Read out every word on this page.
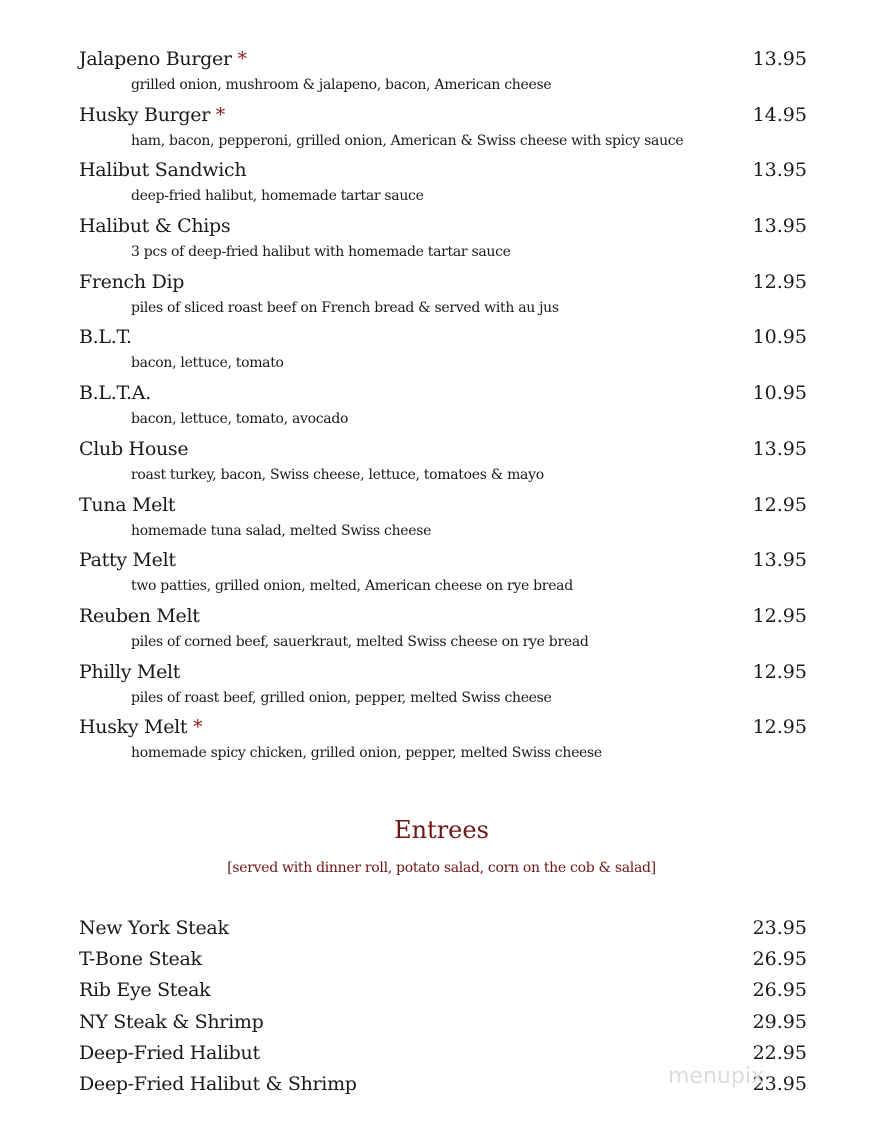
Jalapeno Burger *	13.95
grilled onion, mushroom & jalapeno, bacon, American cheese
Husky Burger *	14.95
ham, bacon, pepperoni, grilled onion, American & Swiss cheese with spicy sauce
Halibut Sandwich	13.95
deep-fried halibut, homemade tartar sauce
Halibut & Chips	13.95
3 pcs of deep-fried halibut with homemade tartar sauce
French Dip	12.95
piles of sliced roast beef on French bread & served with au jus
B.L.T.	10.95
bacon, lettuce, tomato
B.L.T.A.	10.95
bacon, lettuce, tomato, avocado
Club House	13.95
roast turkey, bacon, Swiss cheese, lettuce, tomatoes & mayo
Tuna Melt	12.95
homemade tuna salad, melted Swiss cheese
Patty Melt	13.95
two patties, grilled onion, melted, American cheese on rye bread
Reuben Melt	12.95
piles of corned beef, sauerkraut, melted Swiss cheese on rye bread
Philly Melt	12.95
piles of roast beef, grilled onion, pepper, melted Swiss cheese
Husky Melt *	12.95
homemade spicy chicken, grilled onion, pepper, melted Swiss cheese
Entrees
[served with dinner roll, potato salad, corn on the cob & salad]
New York Steak	23.95
T-Bone Steak	26.95
Rib Eye Steak	26.95
NY Steak & Shrimp	29.95
Deep-Fried Halibut	22.95
Deep-Fried Halibut & Shrimp	23.95
menupix
